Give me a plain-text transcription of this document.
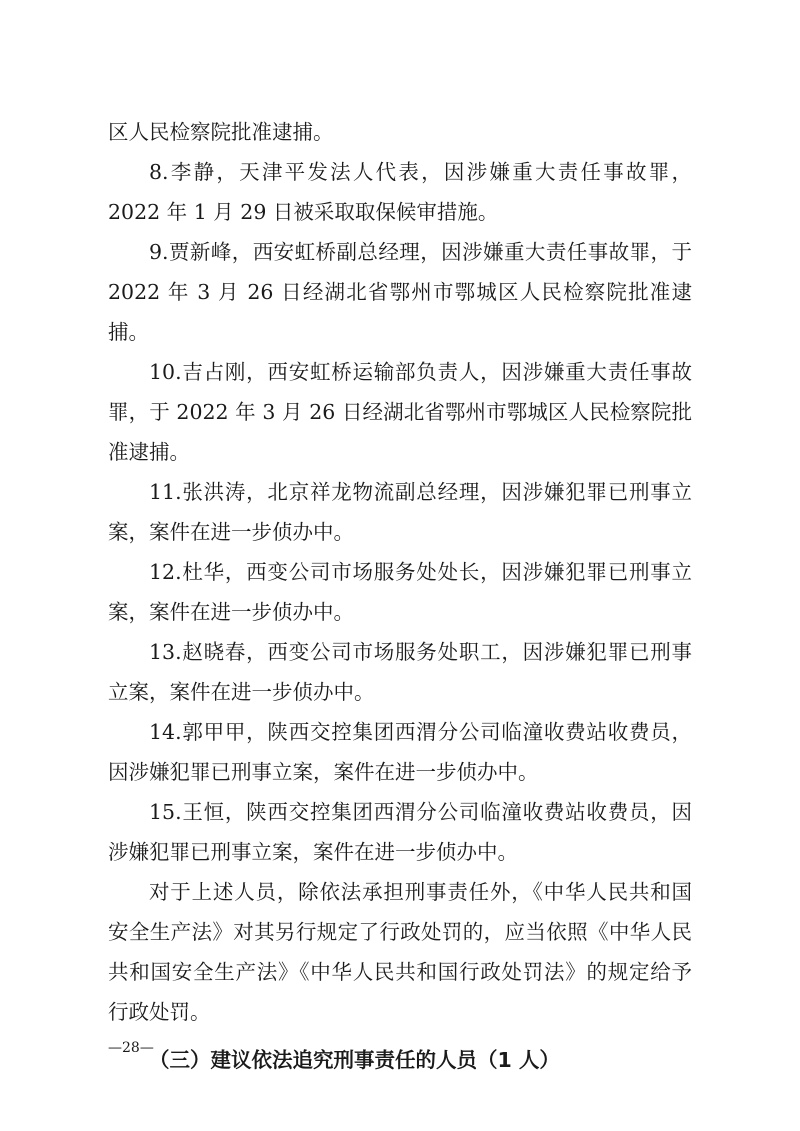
区人民检察院批准逮捕。

8.李静，天津平发法人代表，因涉嫌重大责任事故罪，2022 年 1 月 29 日被采取取保候审措施。

9.贾新峰，西安虹桥副总经理，因涉嫌重大责任事故罪，于 2022 年 3 月 26 日经湖北省鄂州市鄂城区人民检察院批准逮捕。

10.吉占刚，西安虹桥运输部负责人，因涉嫌重大责任事故罪，于 2022 年 3 月 26 日经湖北省鄂州市鄂城区人民检察院批准逮捕。

11.张洪涛，北京祥龙物流副总经理，因涉嫌犯罪已刑事立案，案件在进一步侦办中。

12.杜华，西变公司市场服务处处长，因涉嫌犯罪已刑事立案，案件在进一步侦办中。

13.赵晓春，西变公司市场服务处职工，因涉嫌犯罪已刑事立案，案件在进一步侦办中。

14.郭甲甲，陕西交控集团西渭分公司临潼收费站收费员，因涉嫌犯罪已刑事立案，案件在进一步侦办中。

15.王恒，陕西交控集团西渭分公司临潼收费站收费员，因涉嫌犯罪已刑事立案，案件在进一步侦办中。

对于上述人员，除依法承担刑事责任外，《中华人民共和国安全生产法》对其另行规定了行政处罚的，应当依照《中华人民共和国安全生产法》《中华人民共和国行政处罚法》的规定给予行政处罚。

（三）建议依法追究刑事责任的人员（1 人）

—28—
